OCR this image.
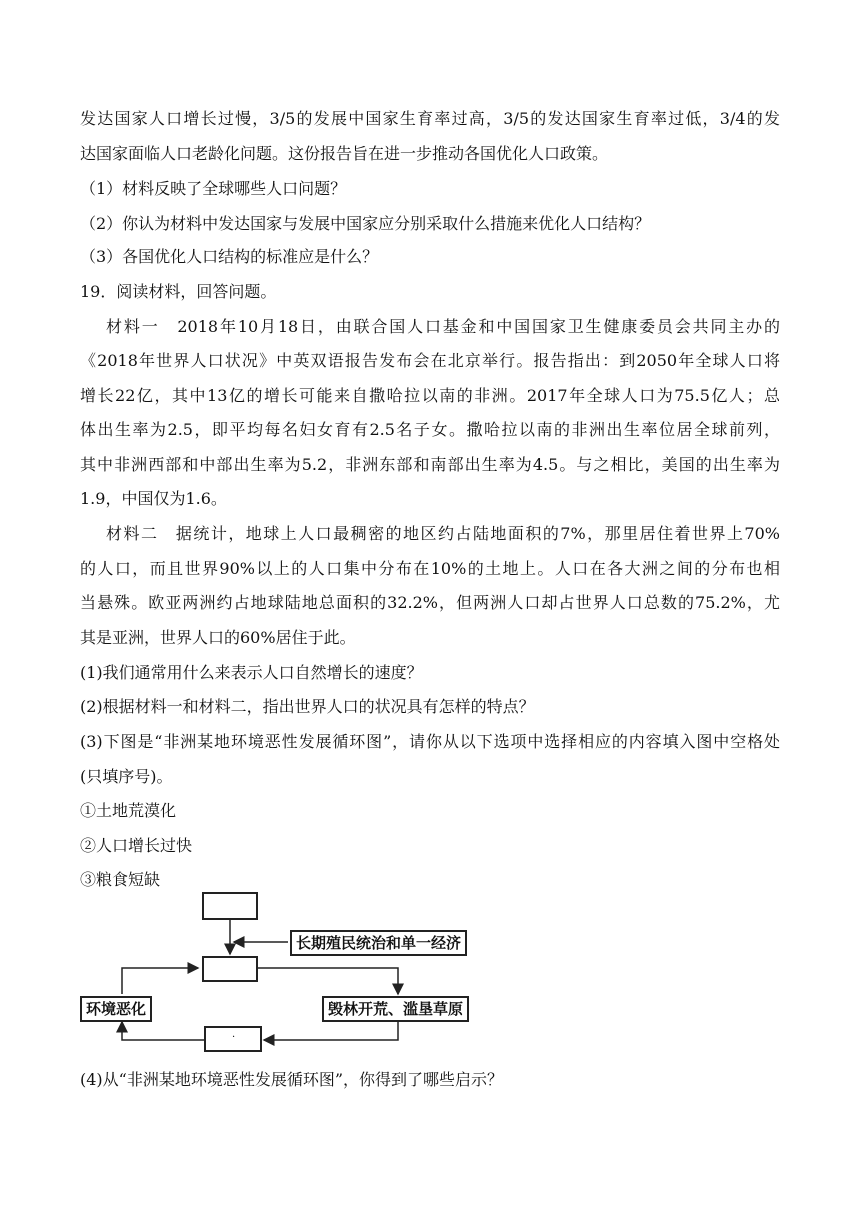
发达国家人口增长过慢，3/5的发展中国家生育率过高，3/5的发达国家生育率过低，3/4的发
达国家面临人口老龄化问题。这份报告旨在进一步推动各国优化人口政策。
（1）材料反映了全球哪些人口问题？
（2）你认为材料中发达国家与发展中国家应分别采取什么措施来优化人口结构？
（3）各国优化人口结构的标准应是什么？
19．阅读材料，回答问题。
材料一　2018年10月18日，由联合国人口基金和中国国家卫生健康委员会共同主办的
《2018年世界人口状况》中英双语报告发布会在北京举行。报告指出：到2050年全球人口将
增长22亿，其中13亿的增长可能来自撒哈拉以南的非洲。2017年全球人口为75.5亿人；总
体出生率为2.5，即平均每名妇女育有2.5名子女。撒哈拉以南的非洲出生率位居全球前列，
其中非洲西部和中部出生率为5.2，非洲东部和南部出生率为4.5。与之相比，美国的出生率为
1.9，中国仅为1.6。
材料二　据统计，地球上人口最稠密的地区约占陆地面积的7%，那里居住着世界上70%
的人口，而且世界90%以上的人口集中分布在10%的土地上。人口在各大洲之间的分布也相
当悬殊。欧亚两洲约占地球陆地总面积的32.2%，但两洲人口却占世界人口总数的75.2%，尤
其是亚洲，世界人口的60%居住于此。
(1)我们通常用什么来表示人口自然增长的速度？
(2)根据材料一和材料二，指出世界人口的状况具有怎样的特点？
(3)下图是“非洲某地环境恶性发展循环图”，请你从以下选项中选择相应的内容填入图中空格处
(只填序号)。
①土地荒漠化
②人口增长过快
③粮食短缺
·
长期殖民统治和单一经济
环境恶化	毁林开荒、滥垦草原
(4)从“非洲某地环境恶性发展循环图”，你得到了哪些启示？
